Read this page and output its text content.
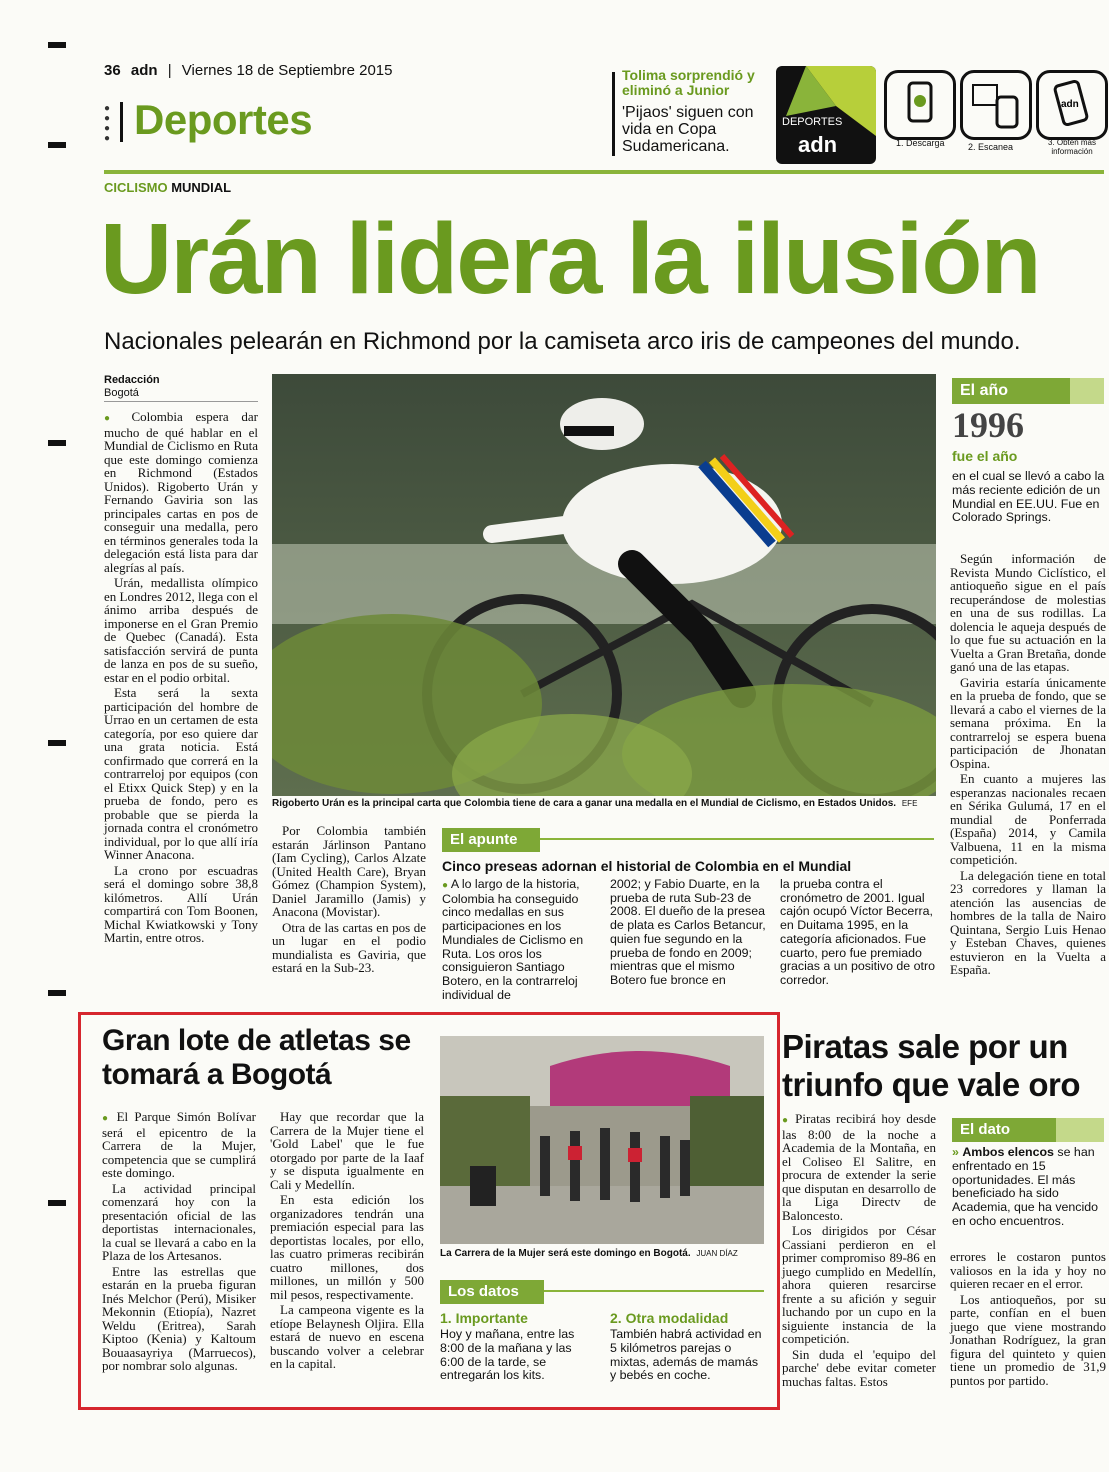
36 adn | Viernes 18 de Septiembre 2015
●
●
●
● Deportes
Tolima sorprendió y eliminó a Junior
'Pijaos' siguen con vida en Copa Sudamericana.
DEPORTES
adn
adn
1. Descarga	2. Escanea	3. Obtén más información
CICLISMO MUNDIAL
Urán lidera la ilusión
Nacionales pelearán en Richmond por la camiseta arco iris de campeones del mundo.
Redacción
Bogotá

● Colombia espera dar mucho de qué hablar en el Mundial de Ciclismo en Ruta que este domingo comienza en Richmond (Estados Unidos). Rigoberto Urán y Fernando Gaviria son las principales cartas en pos de conseguir una medalla, pero en términos generales toda la delegación está lista para dar alegrías al país.

Urán, medallista olímpico en Londres 2012, llega con el ánimo arriba después de imponerse en el Gran Premio de Quebec (Canadá). Esta satisfacción servirá de punta de lanza en pos de su sueño, estar en el podio orbital.

Esta será la sexta participación del hombre de Urrao en un certamen de esta categoría, por eso quiere dar una grata noticia. Está confirmado que correrá en la contrarreloj por equipos (con el Etixx Quick Step) y en la prueba de fondo, pero es probable que se pierda la jornada contra el cronómetro individual, por lo que allí iría Winner Anacona.

La crono por escuadras será el domingo sobre 38,8 kilómetros. Allí Urán compartirá con Tom Boonen, Michal Kwiatkowski y Tony Martin, entre otros.

Rigoberto Urán es la principal carta que Colombia tiene de cara a ganar una medalla en el Mundial de Ciclismo, en Estados Unidos. EFE

Por Colombia también estarán Járlinson Pantano (Iam Cycling), Carlos Alzate (United Health Care), Bryan Gómez (Champion System), Daniel Jaramillo (Jamis) y Anacona (Movistar).

Otra de las cartas en pos de un lugar en el podio mundialista es Gaviria, que estará en la Sub-23.

El apunte
Cinco preseas adornan el historial de Colombia en el Mundial
● A lo largo de la historia, Colombia ha conseguido cinco medallas en sus participaciones en los Mundiales de Ciclismo en Ruta. Los oros los consiguieron Santiago Botero, en la contrarreloj individual de
2002; y Fabio Duarte, en la prueba de ruta Sub-23 de 2008. El dueño de la presea de plata es Carlos Betancur, quien fue segundo en la prueba de fondo en 2009; mientras que el mismo Botero fue bronce en
la prueba contra el cronómetro de 2001. Igual cajón ocupó Víctor Becerra, en Duitama 1995, en la categoría aficionados. Fue cuarto, pero fue premiado gracias a un positivo de otro corredor.
El año
1996
fue el año
en el cual se llevó a cabo la más reciente edición de un Mundial en EE.UU. Fue en Colorado Springs.

Según información de Revista Mundo Ciclístico, el antioqueño sigue en el país recuperándose de molestias en una de sus rodillas. La dolencia le aqueja después de lo que fue su actuación en la Vuelta a Gran Bretaña, donde ganó una de las etapas.

Gaviria estaría únicamente en la prueba de fondo, que se llevará a cabo el viernes de la semana próxima. En la contrarreloj se espera buena participación de Jhonatan Ospina.

En cuanto a mujeres las esperanzas nacionales recaen en Sérika Gulumá, 17 en el mundial de Ponferrada (España) 2014, y Camila Valbuena, 11 en la misma competición.

La delegación tiene en total 23 corredores y llaman la atención las ausencias de hombres de la talla de Nairo Quintana, Sergio Luis Henao y Esteban Chaves, quienes estuvieron en la Vuelta a España.

Gran lote de atletas se tomará a Bogotá

● El Parque Simón Bolívar será el epicentro de la Carrera de la Mujer, competencia que se cumplirá este domingo.

La actividad principal comenzará hoy con la presentación oficial de las deportistas internacionales, la cual se llevará a cabo en la Plaza de los Artesanos.

Entre las estrellas que estarán en la prueba figuran Inés Melchor (Perú), Misiker Mekonnin (Etiopía), Nazret Weldu (Eritrea), Sarah Kiptoo (Kenia) y Kaltoum Bouaasayriya (Marruecos), por nombrar solo algunas.

Hay que recordar que la Carrera de la Mujer tiene el 'Gold Label' que le fue otorgado por parte de la Iaaf y se disputa igualmente en Cali y Medellín.

En esta edición los organizadores tendrán una premiación especial para las deportistas locales, por ello, las cuatro primeras recibirán cuatro millones, dos millones, un millón y 500 mil pesos, respectivamente.

La campeona vigente es la etíope Belaynesh Oljira. Ella estará de nuevo en escena buscando volver a celebrar en la capital.

La Carrera de la Mujer será este domingo en Bogotá. JUAN DÍAZ
Los datos
1. Importante
Hoy y mañana, entre las 8:00 de la mañana y las 6:00 de la tarde, se entregarán los kits.
2. Otra modalidad
También habrá actividad en 5 kilómetros parejas o mixtas, además de mamás y bebés en coche.
Piratas sale por un triunfo que vale oro

● Piratas recibirá hoy desde las 8:00 de la noche a Academia de la Montaña, en el Coliseo El Salitre, en procura de extender la serie que disputan en desarrollo de la Liga Directv de Baloncesto.

Los dirigidos por César Cassiani perdieron en el primer compromiso 89-86 en juego cumplido en Medellín, ahora quieren resarcirse frente a su afición y seguir luchando por un cupo en la siguiente instancia de la competición.

Sin duda el 'equipo del parche' debe evitar cometer muchas faltas. Estos

El dato
» Ambos elencos se han enfrentado en 15 oportunidades. El más beneficiado ha sido Academia, que ha vencido en ocho encuentros.

errores le costaron puntos valiosos en la ida y hoy no quieren recaer en el error.

Los antioqueños, por su parte, confían en el buen juego que viene mostrando Jonathan Rodríguez, la gran figura del quinteto y quien tiene un promedio de 31,9 puntos por partido.
